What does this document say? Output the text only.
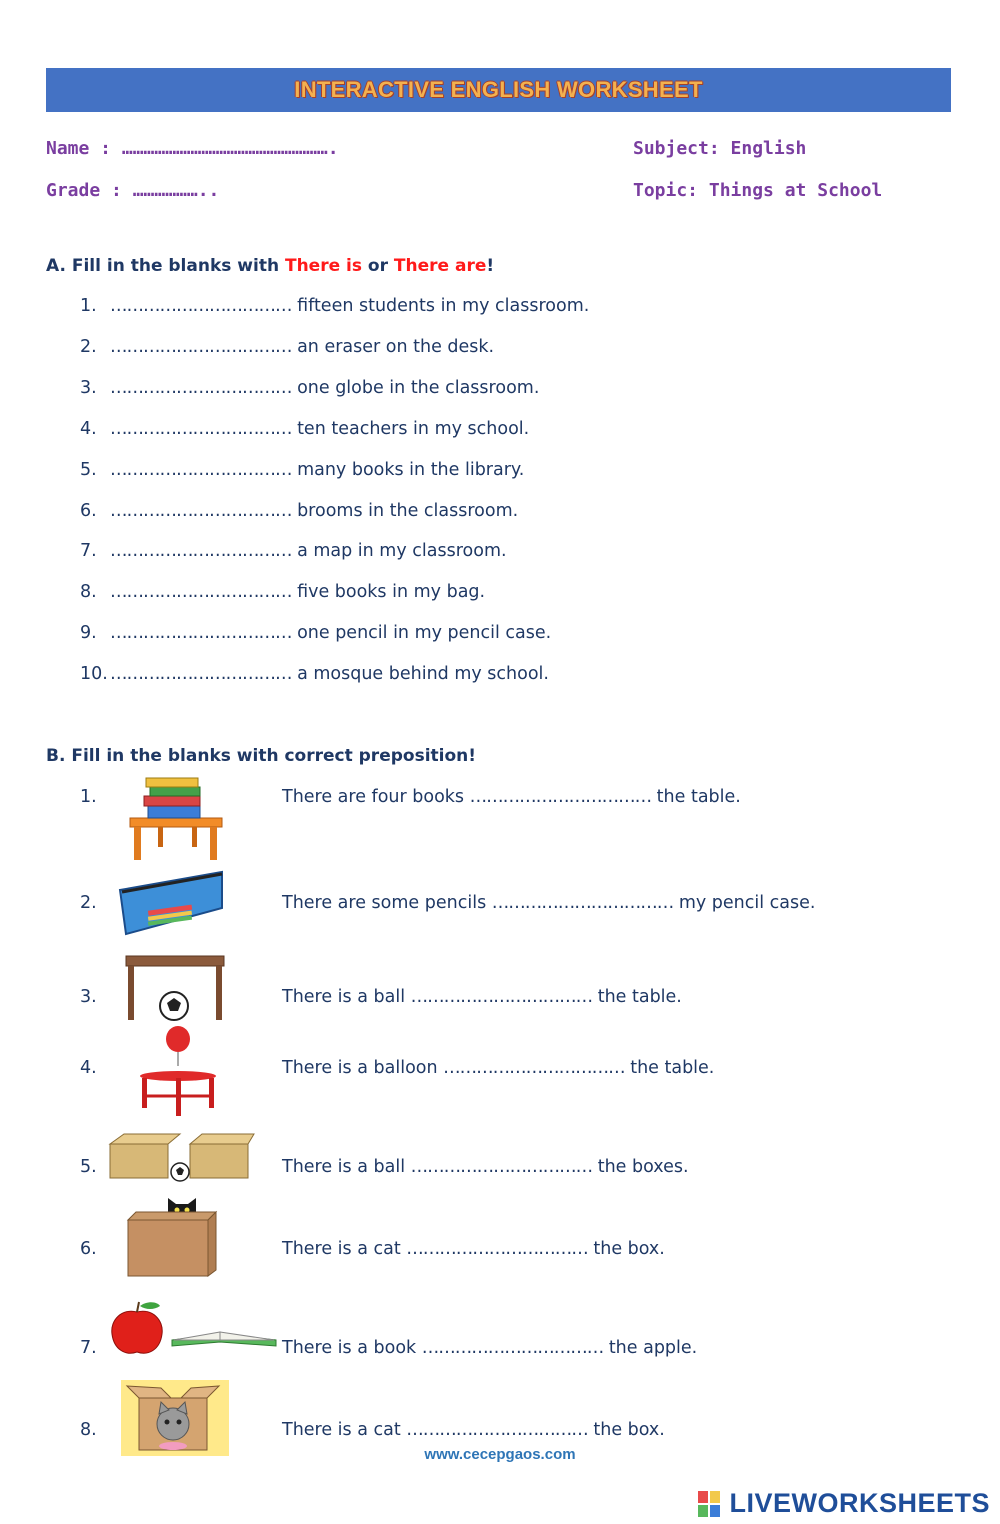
INTERACTIVE ENGLISH WORKSHEET
Name : ………………………………………………….
Grade : ………………..
Subject: English
Topic: Things at School
A. Fill in the blanks with There is or There are!
1. …………………………… fifteen students in my classroom.
2. …………………………… an eraser on the desk.
3. …………………………… one globe in the classroom.
4. …………………………… ten teachers in my school.
5. …………………………… many books in the library.
6. …………………………… brooms in the classroom.
7. …………………………… a map in my classroom.
8. …………………………… five books in my bag.
9. …………………………… one pencil in my pencil case.
10. …………………………… a mosque behind my school.
B. Fill in the blanks with correct preposition!
1.	There are four books …………………………… the table.
2.	There are some pencils …………………………… my pencil case.
3.	There is a ball …………………………… the table.
4.	There is a balloon …………………………… the table.
5.	There is a ball …………………………… the boxes.
6.	There is a cat …………………………… the box.
7.	There is a book …………………………… the apple.
8.	There is a cat …………………………… the box.
www.cecepgaos.com
LIVEWORKSHEETS
